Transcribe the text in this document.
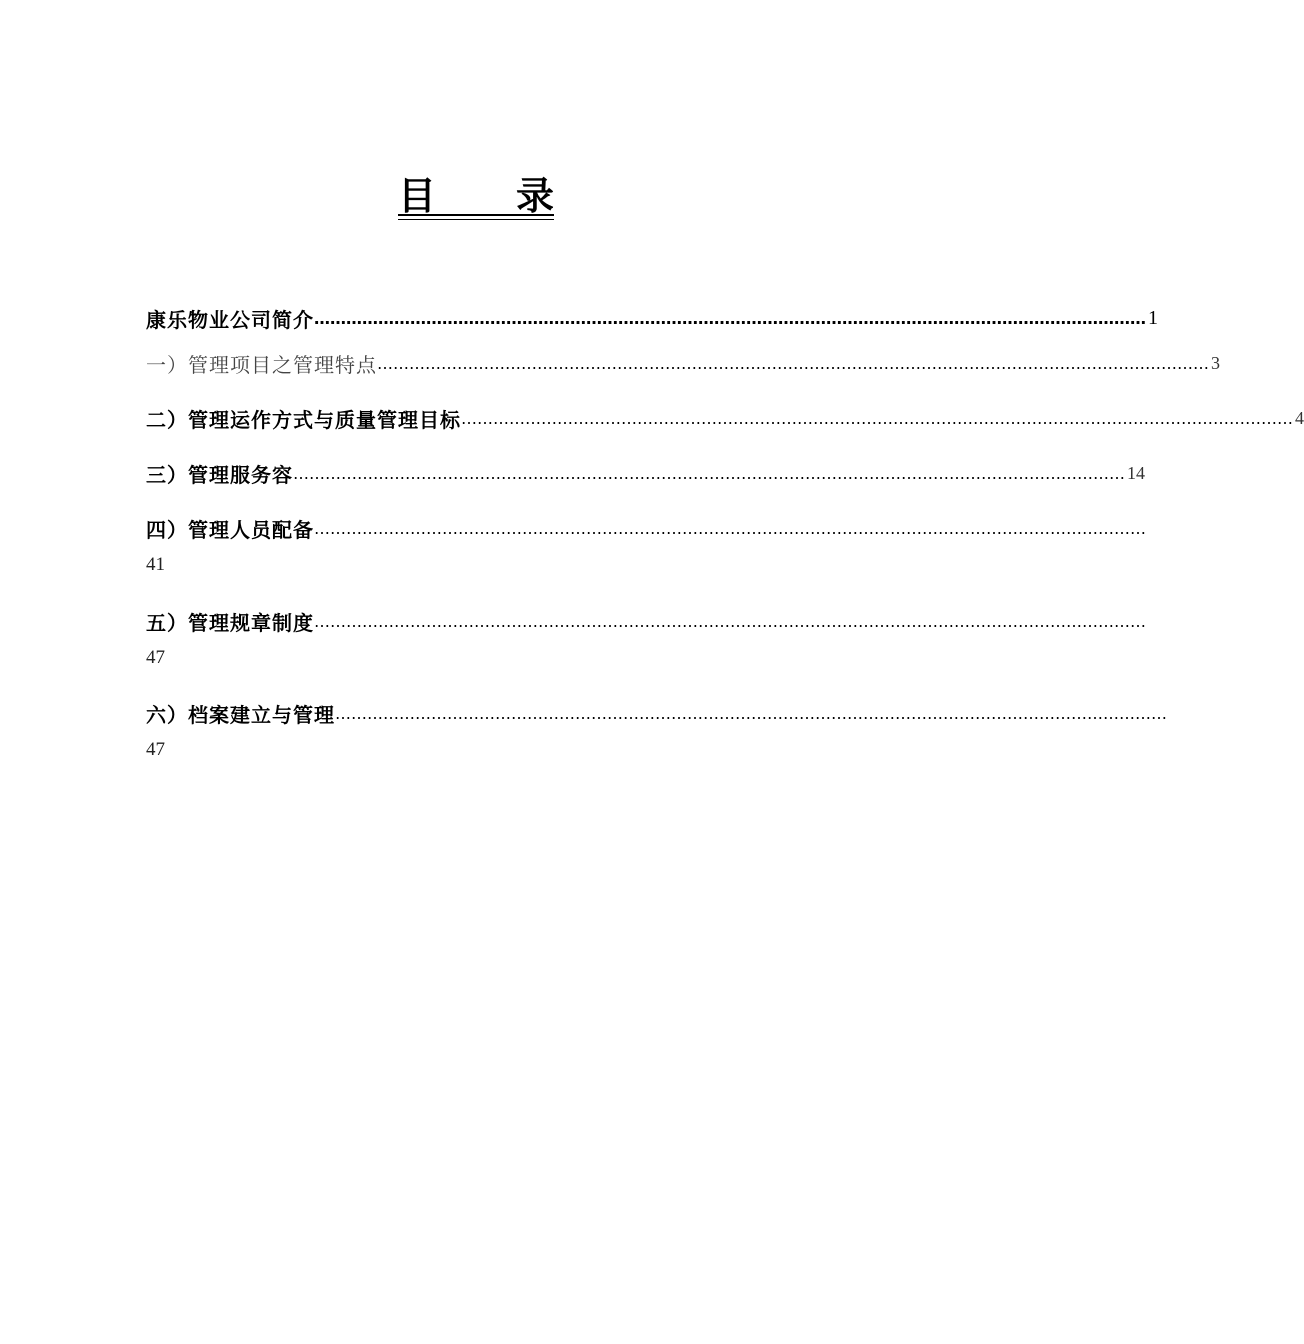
目 录
康乐物业公司简介 ………………………………………………………………………………………………………………………………………… 1
一）管理项目之管理特点 ………………………………………………………………………………………………………………………………………… 3
二）管理运作方式与质量管理目标 ………………………………………………………………………………………………………………………………………… 4
三）管理服务容 ………………………………………………………………………………………………………………………………………… 14
四）管理人员配备 …………………………………………………………………………………………………………………………………………
41
五）管理规章制度 …………………………………………………………………………………………………………………………………………
47
六）档案建立与管理 …………………………………………………………………………………………………………………………………………
47
